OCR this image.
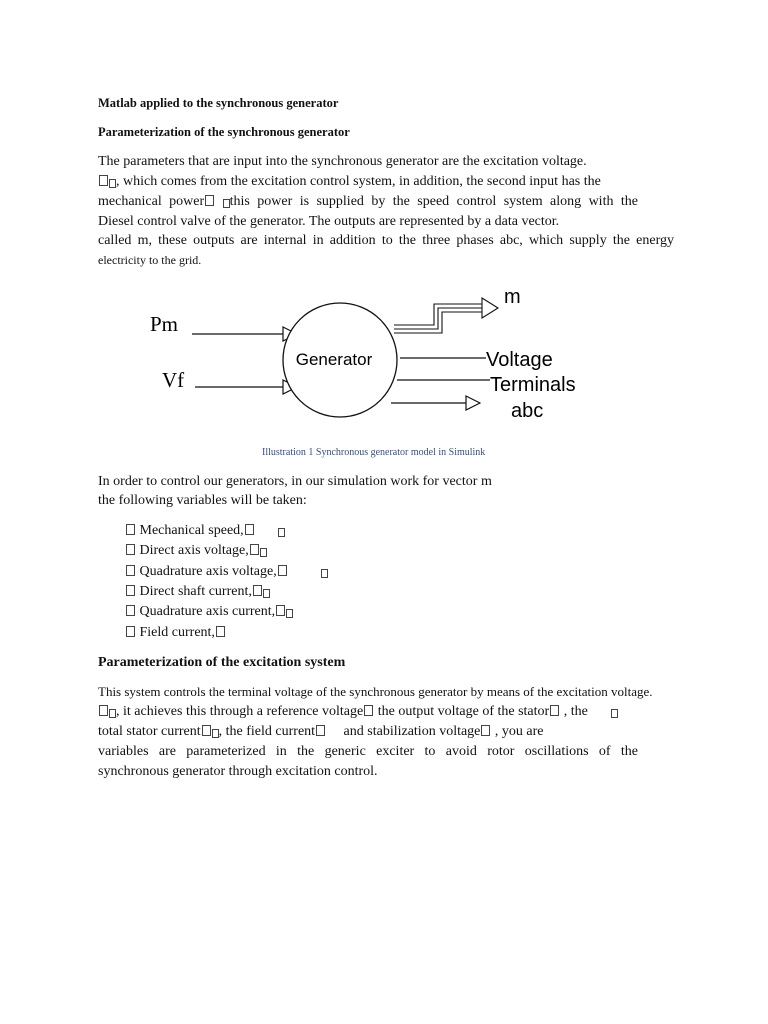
Matlab applied to the synchronous generator
Parameterization of the synchronous generator
The parameters that are input into the synchronous generator are the excitation voltage.
, which comes from the excitation control system, in addition, the second input has the
mechanical power this power is supplied by the speed control system along with the
Diesel control valve of the generator. The outputs are represented by a data vector.
called m, these outputs are internal in addition to the three phases abc, which supply the energy
electricity to the grid.
Pm
Vf
Generator
m
Voltage
Terminals
abc
Illustration 1 Synchronous generator model in Simulink
In order to control our generators, in our simulation work for vector m
the following variables will be taken:
Mechanical speed,
Direct axis voltage,
Quadrature axis voltage,
Direct shaft current,
Quadrature axis current,
Field current,
Parameterization of the excitation system
This system controls the terminal voltage of the synchronous generator by means of the excitation voltage.
, it achieves this through a reference voltage the output voltage of the stator , the
total stator current , the field current and stabilization voltage , you are
variables are parameterized in the generic exciter to avoid rotor oscillations of the
synchronous generator through excitation control.
